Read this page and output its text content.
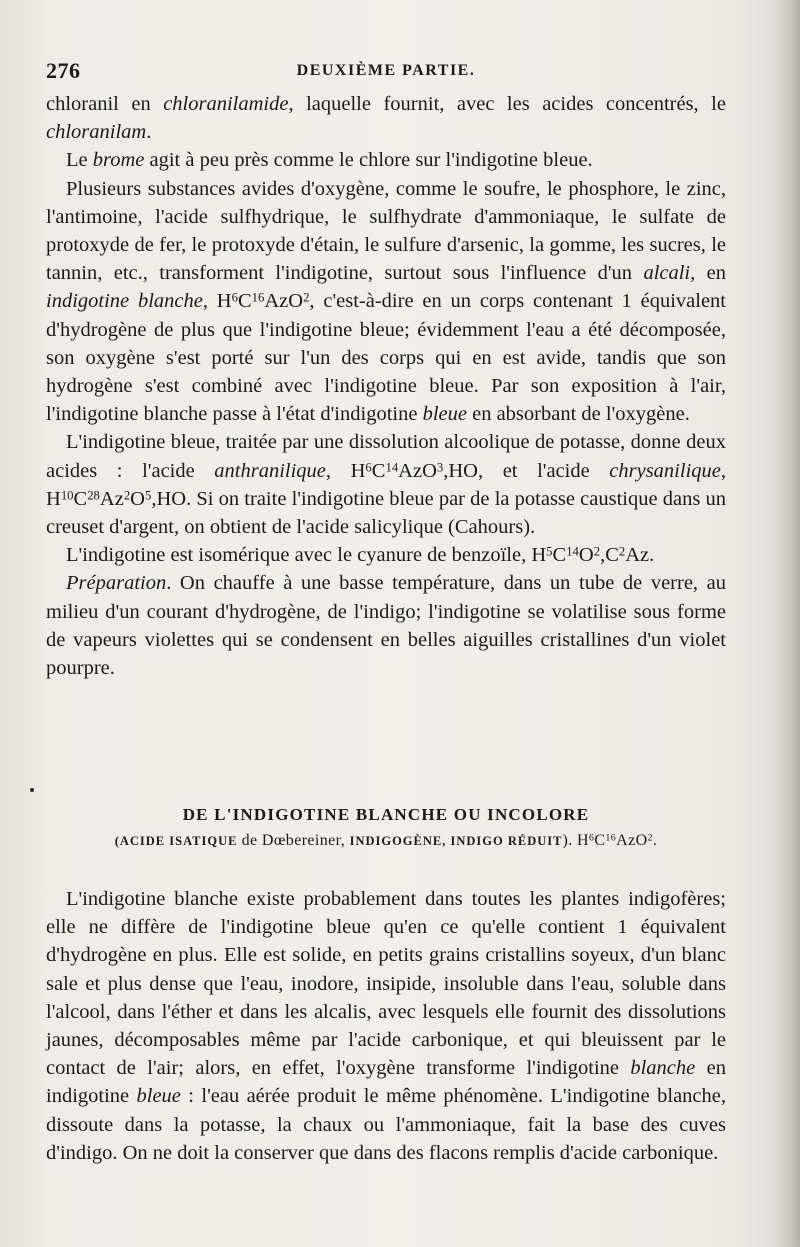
276	DEUXIÈME PARTIE.

chloranil en chloranilamide, laquelle fournit, avec les acides concentrés, le chloranilam.

Le brome agit à peu près comme le chlore sur l'indigotine bleue.

Plusieurs substances avides d'oxygène, comme le soufre, le phosphore, le zinc, l'antimoine, l'acide sulfhydrique, le sulfhydrate d'ammoniaque, le sulfate de protoxyde de fer, le protoxyde d'étain, le sulfure d'arsenic, la gomme, les sucres, le tannin, etc., transforment l'indigotine, surtout sous l'influence d'un alcali, en indigotine blanche, $H^6C^{16}AzO^2$, c'est-à-dire en un corps contenant 1 équivalent d'hydrogène de plus que l'indigotine bleue; évidemment l'eau a été décomposée, son oxygène s'est porté sur l'un des corps qui en est avide, tandis que son hydrogène s'est combiné avec l'indigotine bleue. Par son exposition à l'air, l'indigotine blanche passe à l'état d'indigotine bleue en absorbant de l'oxygène.

L'indigotine bleue, traitée par une dissolution alcoolique de potasse, donne deux acides : l'acide anthranilique, $H^6C^{14}AzO^3,HO$, et l'acide chrysanilique, $H^{10}C^{28}Az^2O^5,HO$. Si on traite l'indigotine bleue par de la potasse caustique dans un creuset d'argent, on obtient de l'acide salicylique (Cahours).

L'indigotine est isomérique avec le cyanure de benzoïle, $H^5C^{14}O^2,C^2Az$.

Préparation. On chauffe à une basse température, dans un tube de verre, au milieu d'un courant d'hydrogène, de l'indigo; l'indigotine se volatilise sous forme de vapeurs violettes qui se condensent en belles aiguilles cristallines d'un violet pourpre.

DE L'INDIGOTINE BLANCHE OU INCOLORE
(ACIDE ISATIQUE de Dœbereiner, INDIGOGÈNE, INDIGO RÉDUIT). $H^6C^{16}AzO^2$.

L'indigotine blanche existe probablement dans toutes les plantes indigofères; elle ne diffère de l'indigotine bleue qu'en ce qu'elle contient 1 équivalent d'hydrogène en plus. Elle est solide, en petits grains cristallins soyeux, d'un blanc sale et plus dense que l'eau, inodore, insipide, insoluble dans l'eau, soluble dans l'alcool, dans l'éther et dans les alcalis, avec lesquels elle fournit des dissolutions jaunes, décomposables même par l'acide carbonique, et qui bleuissent par le contact de l'air; alors, en effet, l'oxygène transforme l'indigotine blanche en indigotine bleue : l'eau aérée produit le même phénomène. L'indigotine blanche, dissoute dans la potasse, la chaux ou l'ammoniaque, fait la base des cuves d'indigo. On ne doit la conserver que dans des flacons remplis d'acide carbonique.
